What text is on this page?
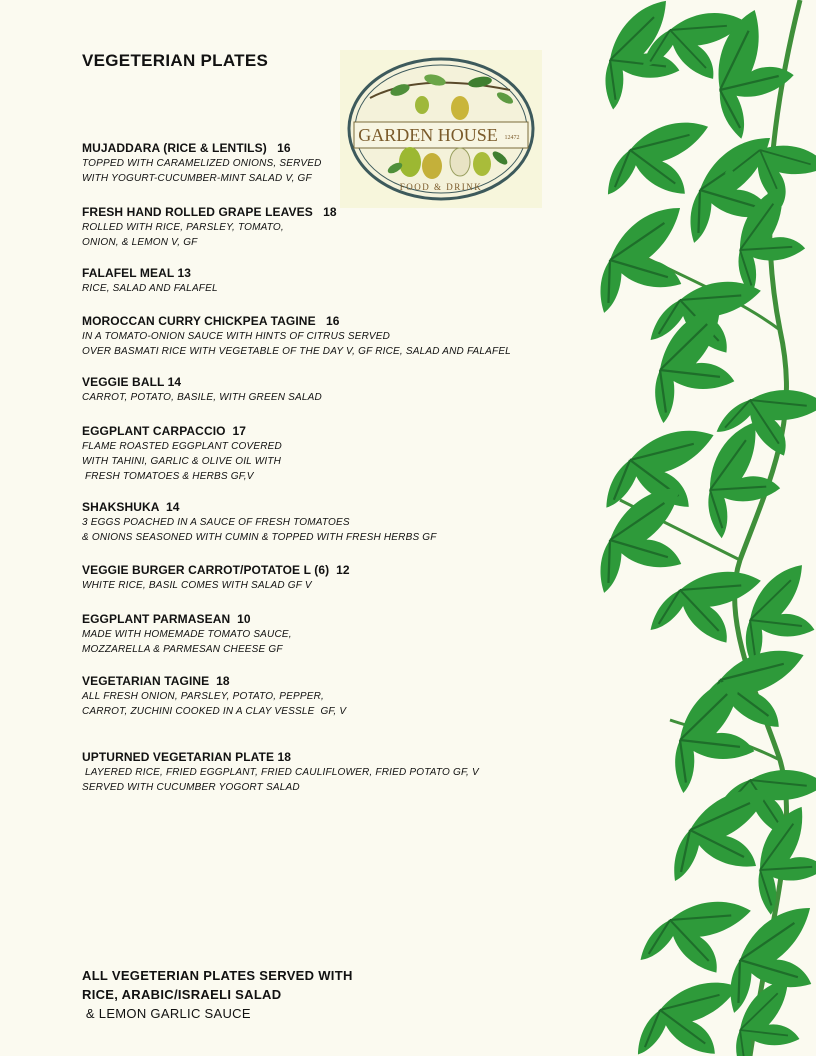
VEGETERIAN PLATES
GARDEN HOUSE 12472
FOOD & DRINK
MUJADDARA (RICE & LENTILS)   16
TOPPED WITH CARAMELIZED ONIONS, SERVED
WITH YOGURT-CUCUMBER-MINT SALAD V, GF
FRESH HAND ROLLED GRAPE LEAVES   18
ROLLED WITH RICE, PARSLEY, TOMATO,
ONION, & LEMON V, GF
FALAFEL MEAL 13
RICE, SALAD AND FALAFEL
MOROCCAN CURRY CHICKPEA TAGINE   16
IN A TOMATO-ONION SAUCE WITH HINTS OF CITRUS SERVED
OVER BASMATI RICE WITH VEGETABLE OF THE DAY V, GF RICE, SALAD AND FALAFEL
VEGGIE BALL 14
CARROT, POTATO, BASILE, WITH GREEN SALAD
EGGPLANT CARPACCIO  17
FLAME ROASTED EGGPLANT COVERED
WITH TAHINI, GARLIC & OLIVE OIL WITH
FRESH TOMATOES & HERBS GF,V
SHAKSHUKA  14
3 EGGS POACHED IN A SAUCE OF FRESH TOMATOES
& ONIONS SEASONED WITH CUMIN & TOPPED WITH FRESH HERBS GF
VEGGIE BURGER CARROT/POTATOE L (6)  12
WHITE RICE, BASIL COMES WITH SALAD GF V
EGGPLANT PARMASEAN  10
MADE WITH HOMEMADE TOMATO SAUCE,
MOZZARELLA & PARMESAN CHEESE GF
VEGETARIAN TAGINE  18
ALL FRESH ONION, PARSLEY, POTATO, PEPPER,
CARROT, ZUCHINI COOKED IN A CLAY VESSLE  GF, V
UPTURNED VEGETARIAN PLATE 18
LAYERED RICE, FRIED EGGPLANT, FRIED CAULIFLOWER, FRIED POTATO GF, V
SERVED WITH CUCUMBER YOGORT SALAD
ALL VEGETERIAN PLATES SERVED WITH
RICE, ARABIC/ISRAELI SALAD
& LEMON GARLIC SAUCE
